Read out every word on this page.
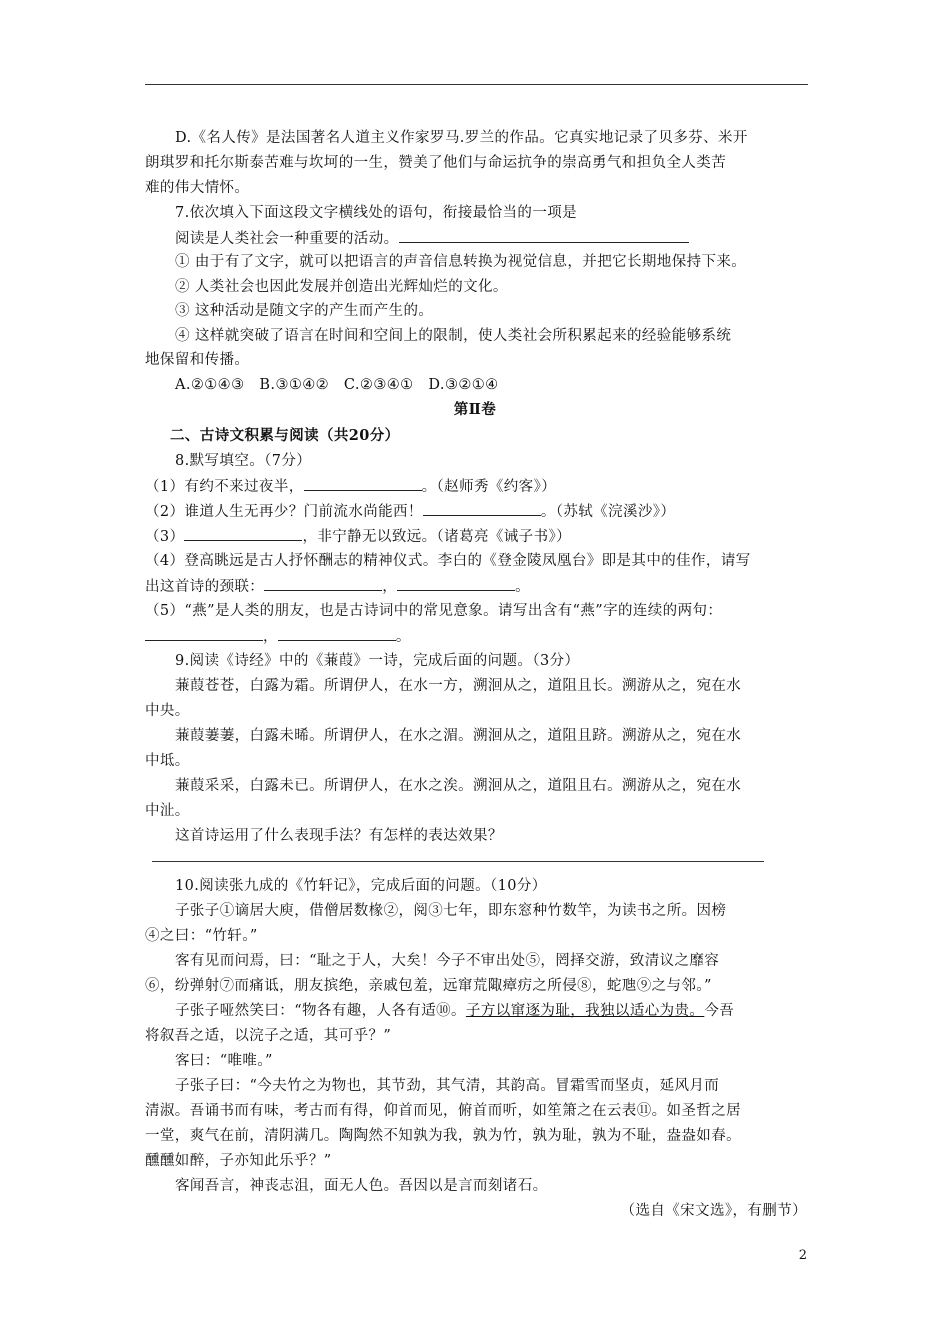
D.《名人传》是法国著名人道主义作家罗马.罗兰的作品。它真实地记录了贝多芬、米开
朗琪罗和托尔斯泰苦难与坎坷的一生，赞美了他们与命运抗争的崇高勇气和担负全人类苦
难的伟大情怀。
7.依次填入下面这段文字横线处的语句，衔接最恰当的一项是
阅读是人类社会一种重要的活动。
① 由于有了文字，就可以把语言的声音信息转换为视觉信息，并把它长期地保持下来。
② 人类社会也因此发展并创造出光辉灿烂的文化。
③ 这种活动是随文字的产生而产生的。
④ 这样就突破了语言在时间和空间上的限制，使人类社会所积累起来的经验能够系统
地保留和传播。
A.②①④③　B.③①④②　C.②③④①　D.③②①④
第Ⅱ卷
二、古诗文积累与阅读（共20分）
8.默写填空。（7分）
（1）有约不来过夜半，	。（赵师秀《约客》）
（2）谁道人生无再少？门前流水尚能西！	。（苏轼《浣溪沙》）
（3）	，非宁静无以致远。（诸葛亮《诫子书》）
（4）登高眺远是古人抒怀酬志的精神仪式。李白的《登金陵凤凰台》即是其中的佳作，请写
出这首诗的颈联：	，	。
（5）“燕”是人类的朋友，也是古诗词中的常见意象。请写出含有“燕”字的连续的两句：
，	。
9.阅读《诗经》中的《蒹葭》一诗，完成后面的问题。（3分）
蒹葭苍苍，白露为霜。所谓伊人，在水一方，溯洄从之，道阻且长。溯游从之，宛在水
中央。
蒹葭萋萋，白露未晞。所谓伊人，在水之湄。溯洄从之，道阻且跻。溯游从之，宛在水
中坻。
蒹葭采采，白露未已。所谓伊人，在水之涘。溯洄从之，道阻且右。溯游从之，宛在水
中沚。
这首诗运用了什么表现手法？有怎样的表达效果？
10.阅读张九成的《竹轩记》，完成后面的问题。（10分）
子张子①谪居大庾，借僧居数椽②，阅③七年，即东窓种竹数竿，为读书之所。因榜
④之曰：“竹轩。”
客有见而问焉，曰：“耻之于人，大矣！今子不审出处⑤，罔择交游，致清议之靡容
⑥，纷弹射⑦而痛诋，朋友摈绝，亲戚包羞，远窜荒陬瘴疠之所侵⑧，蛇虺⑨之与邻。”
子张子哑然笑曰：“物各有趣，人各有适⑩。子方以窜逐为耻，我独以适心为贵。今吾
将叙吾之适，以浣子之适，其可乎？”
客曰：“唯唯。”
子张子曰：“今夫竹之为物也，其节劲，其气清，其韵高。冒霜雪而坚贞，延风月而
清淑。吾诵书而有味，考古而有得，仰首而见，俯首而听，如笙箫之在云表⑪。如圣哲之居
一堂，爽气在前，清阴满几。陶陶然不知孰为我，孰为竹，孰为耻，孰为不耻，盎盎如春。
醺醺如醉，子亦知此乐乎？”
客闻吾言，神丧志沮，面无人色。吾因以是言而刻诸石。
（选自《宋文选》，有删节）
2
